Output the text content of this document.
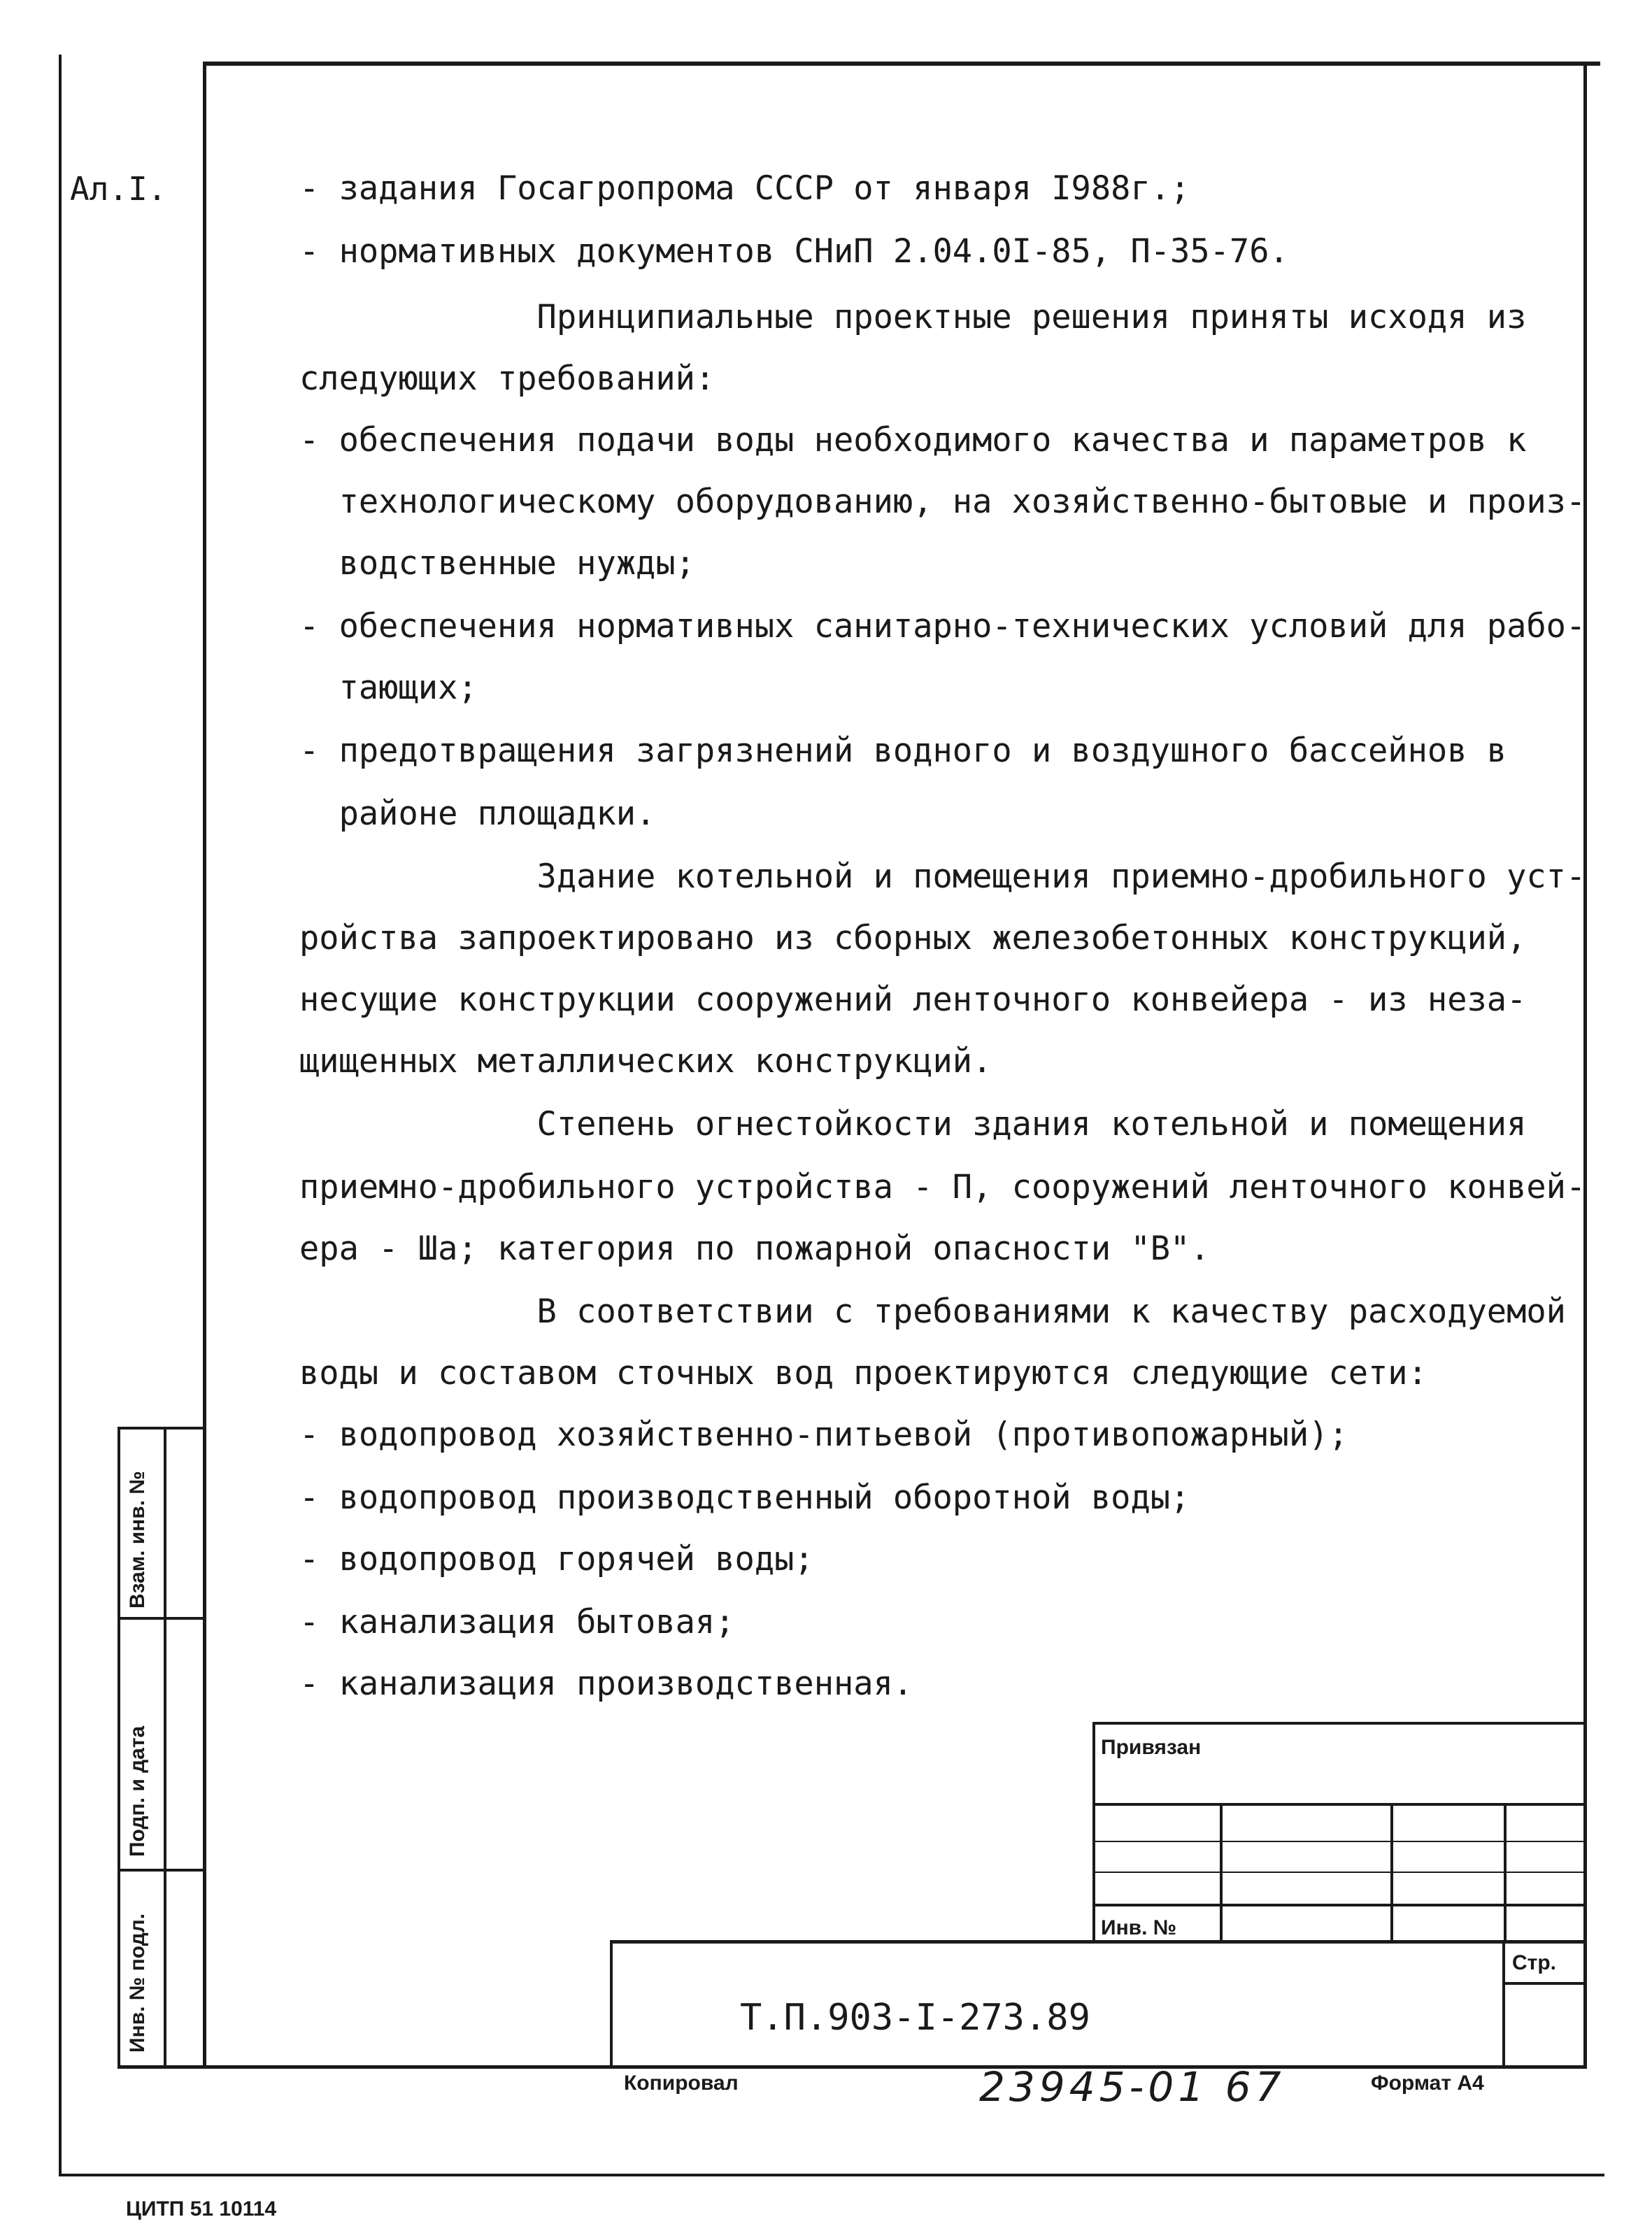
Ал.I.	- задания Госагропрома СССР от января I988г.;
- нормативных документов СНиП 2.04.0I-85, П-35-76.
Принципиальные проектные решения приняты исходя из
следующих требований:
- обеспечения подачи воды необходимого качества и параметров к
технологическому оборудованию, на хозяйственно-бытовые и произ-
водственные нужды;
- обеспечения нормативных санитарно-технических условий для рабо-
тающих;
- предотвращения загрязнений водного и воздушного бассейнов в
районе площадки.
Здание котельной и помещения приемно-дробильного уст-
ройства запроектировано из сборных железобетонных конструкций,
несущие конструкции сооружений ленточного конвейера - из неза-
щищенных металлических конструкций.
Степень огнестойкости здания котельной и помещения
приемно-дробильного устройства - П, сооружений ленточного конвей-
ера - Ша; категория по пожарной опасности "В".
В соответствии с требованиями к качеству расходуемой
воды и составом сточных вод проектируются следующие сети:
- водопровод хозяйственно-питьевой (противопожарный);
- водопровод производственный оборотной воды;
- водопровод горячей воды;
- канализация бытовая;
- канализация производственная.
Взам. инв. №
Подп. и дата
Инв. № подл.
Привязан
Инв. №
Стр.
Т.П.903-I-273.89
Копировал	23945-01 67	Формат А4
ЦИТП 51 10114
